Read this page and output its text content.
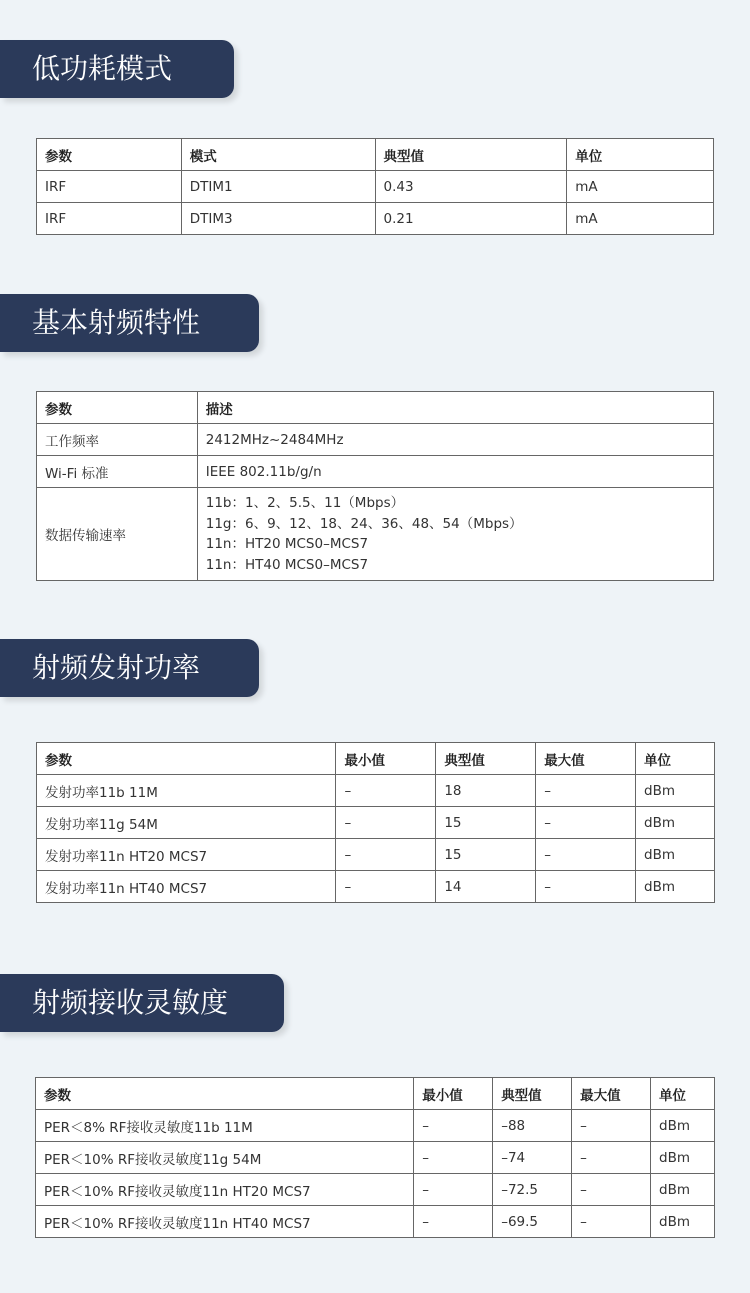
低功耗模式
参数	模式	典型值	单位
IRF	DTIM1	0.43	mA
IRF	DTIM3	0.21	mA
基本射频特性
参数	描述
工作频率	2412MHz~2484MHz
Wi-Fi 标准	IEEE 802.11b/g/n
数据传输速率	11b：1、2、5.5、11（Mbps）
11g：6、9、12、18、24、36、48、54（Mbps）
11n：HT20 MCS0–MCS7
11n：HT40 MCS0–MCS7
射频发射功率
参数	最小值	典型值	最大值	单位
发射功率11b 11M	–	18	–	dBm
发射功率11g 54M	–	15	–	dBm
发射功率11n HT20 MCS7	–	15	–	dBm
发射功率11n HT40 MCS7	–	14	–	dBm
射频接收灵敏度
参数	最小值	典型值	最大值	单位
PER＜8% RF接收灵敏度11b 11M	–	–88	–	dBm
PER＜10% RF接收灵敏度11g 54M	–	–74	–	dBm
PER＜10% RF接收灵敏度11n HT20 MCS7	–	–72.5	–	dBm
PER＜10% RF接收灵敏度11n HT40 MCS7	–	–69.5	–	dBm
